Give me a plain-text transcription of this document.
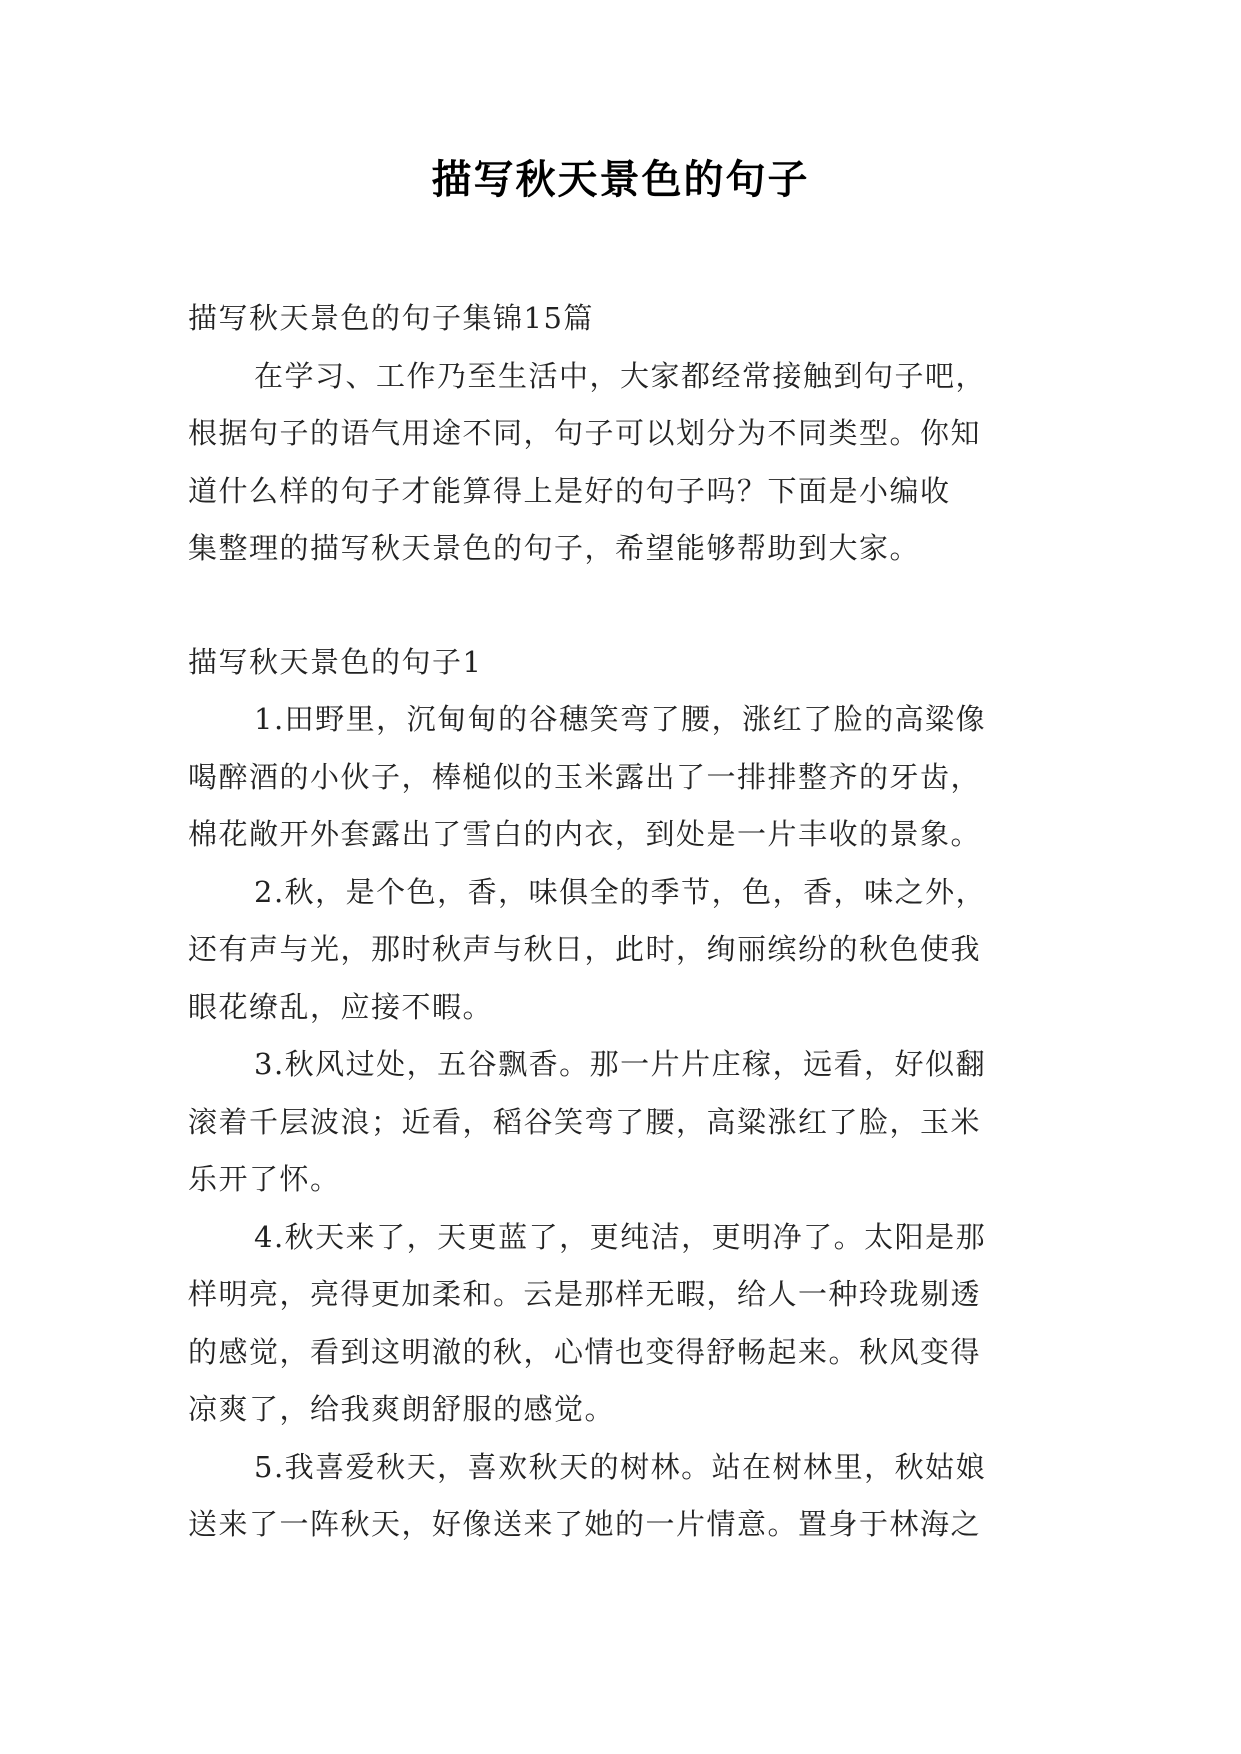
描写秋天景色的句子
描写秋天景色的句子集锦15篇
在学习、工作乃至生活中，大家都经常接触到句子吧，
根据句子的语气用途不同，句子可以划分为不同类型。你知
道什么样的句子才能算得上是好的句子吗？下面是小编收
集整理的描写秋天景色的句子，希望能够帮助到大家。
描写秋天景色的句子1
1.田野里，沉甸甸的谷穗笑弯了腰，涨红了脸的高粱像
喝醉酒的小伙子，棒槌似的玉米露出了一排排整齐的牙齿，
棉花敞开外套露出了雪白的内衣，到处是一片丰收的景象。
2.秋，是个色，香，味俱全的季节，色，香，味之外，
还有声与光，那时秋声与秋日，此时，绚丽缤纷的秋色使我
眼花缭乱，应接不暇。
3.秋风过处，五谷飘香。那一片片庄稼，远看，好似翻
滚着千层波浪；近看，稻谷笑弯了腰，高粱涨红了脸，玉米
乐开了怀。
4.秋天来了，天更蓝了，更纯洁，更明净了。太阳是那
样明亮，亮得更加柔和。云是那样无暇，给人一种玲珑剔透
的感觉，看到这明澈的秋，心情也变得舒畅起来。秋风变得
凉爽了，给我爽朗舒服的感觉。
5.我喜爱秋天，喜欢秋天的树林。站在树林里，秋姑娘
送来了一阵秋天，好像送来了她的一片情意。置身于林海之
